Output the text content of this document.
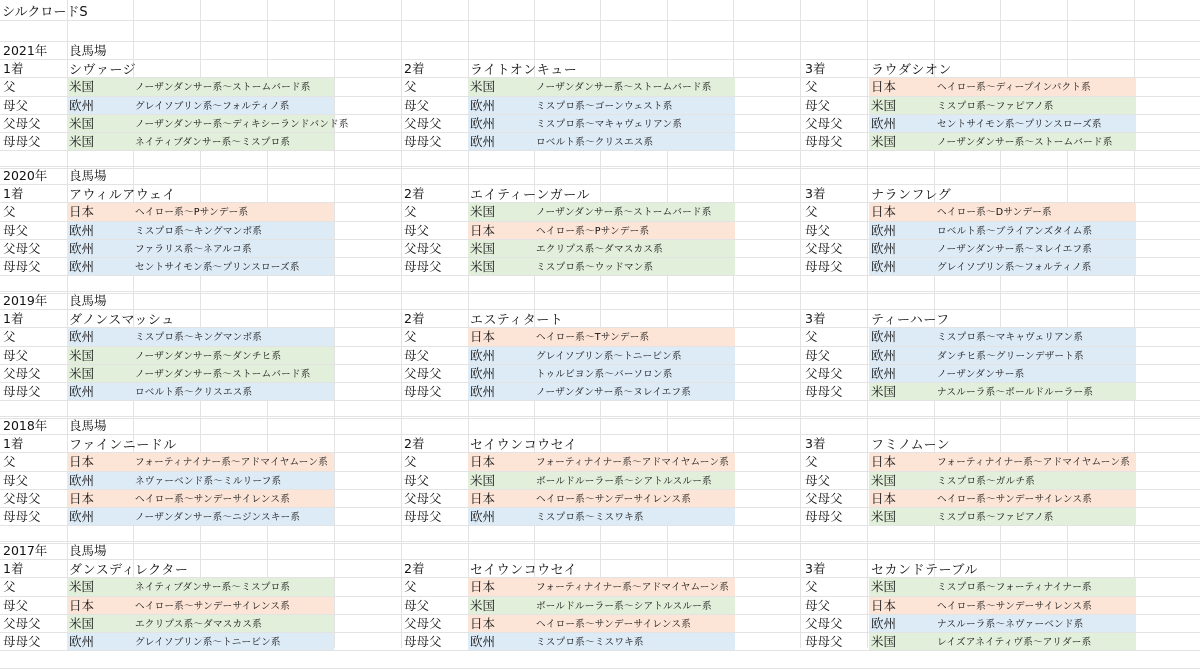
シルクロードS
2021年	良馬場
1着	シヴァージ
父	米国	ノーザンダンサー系～ストームバード系
母父	欧州	グレイソブリン系～フォルティノ系
父母父	米国	ノーザンダンサー系～ディキシーランドバンド系
母母父	米国	ネイティブダンサー系～ミスプロ系
2着	ライトオンキュー
父	米国	ノーザンダンサー系～ストームバード系
母父	欧州	ミスプロ系～ゴーンウェスト系
父母父	欧州	ミスプロ系～マキャヴェリアン系
母母父	欧州	ロベルト系～クリスエス系
3着	ラウダシオン
父	日本	ヘイロー系～ディープインパクト系
母父	米国	ミスプロ系～ファピアノ系
父母父	欧州	セントサイモン系～プリンスローズ系
母母父	米国	ノーザンダンサー系～ストームバード系
2020年	良馬場
1着	アウィルアウェイ
父	日本	ヘイロー系～Pサンデー系
母父	欧州	ミスプロ系～キングマンボ系
父母父	欧州	ファラリス系～ネアルコ系
母母父	欧州	セントサイモン系～プリンスローズ系
2着	エイティーンガール
父	米国	ノーザンダンサー系～ストームバード系
母父	日本	ヘイロー系～Pサンデー系
父母父	米国	エクリプス系～ダマスカス系
母母父	米国	ミスプロ系～ウッドマン系
3着	ナランフレグ
父	日本	ヘイロー系～Dサンデー系
母父	欧州	ロベルト系～ブライアンズタイム系
父母父	欧州	ノーザンダンサー系～ヌレイエフ系
母母父	欧州	グレイソブリン系～フォルティノ系
2019年	良馬場
1着	ダノンスマッシュ
父	欧州	ミスプロ系～キングマンボ系
母父	米国	ノーザンダンサー系～ダンチヒ系
父母父	米国	ノーザンダンサー系～ストームバード系
母母父	欧州	ロベルト系～クリスエス系
2着	エスティタート
父	日本	ヘイロー系～Tサンデー系
母父	欧州	グレイソブリン系～トニービン系
父母父	欧州	トゥルビヨン系～バーソロン系
母母父	欧州	ノーザンダンサー系～ヌレイエフ系
3着	ティーハーフ
父	欧州	ミスプロ系～マキャヴェリアン系
母父	欧州	ダンチヒ系～グリーンデザート系
父母父	欧州	ノーザンダンサー系
母母父	米国	ナスルーラ系～ボールドルーラー系
2018年	良馬場
1着	ファインニードル
父	日本	フォーティナイナー系～アドマイヤムーン系
母父	欧州	ネヴァーベンド系～ミルリーフ系
父母父	日本	ヘイロー系～サンデーサイレンス系
母母父	欧州	ノーザンダンサー系～ニジンスキー系
2着	セイウンコウセイ
父	日本	フォーティナイナー系～アドマイヤムーン系
母父	米国	ボールドルーラー系～シアトルスルー系
父母父	日本	ヘイロー系～サンデーサイレンス系
母母父	欧州	ミスプロ系～ミスワキ系
3着	フミノムーン
父	日本	フォーティナイナー系～アドマイヤムーン系
母父	米国	ミスプロ系～ガルチ系
父母父	日本	ヘイロー系～サンデーサイレンス系
母母父	米国	ミスプロ系～ファピアノ系
2017年	良馬場
1着	ダンスディレクター
父	米国	ネイティブダンサー系～ミスプロ系
母父	日本	ヘイロー系～サンデーサイレンス系
父母父	米国	エクリプス系～ダマスカス系
母母父	欧州	グレイソブリン系～トニービン系
2着	セイウンコウセイ
父	日本	フォーティナイナー系～アドマイヤムーン系
母父	米国	ボールドルーラー系～シアトルスルー系
父母父	日本	ヘイロー系～サンデーサイレンス系
母母父	欧州	ミスプロ系～ミスワキ系
3着	セカンドテーブル
父	米国	ミスプロ系～フォーティナイナー系
母父	日本	ヘイロー系～サンデーサイレンス系
父母父	欧州	ナスルーラ系～ネヴァーベンド系
母母父	米国	レイズアネイティヴ系～アリダー系
